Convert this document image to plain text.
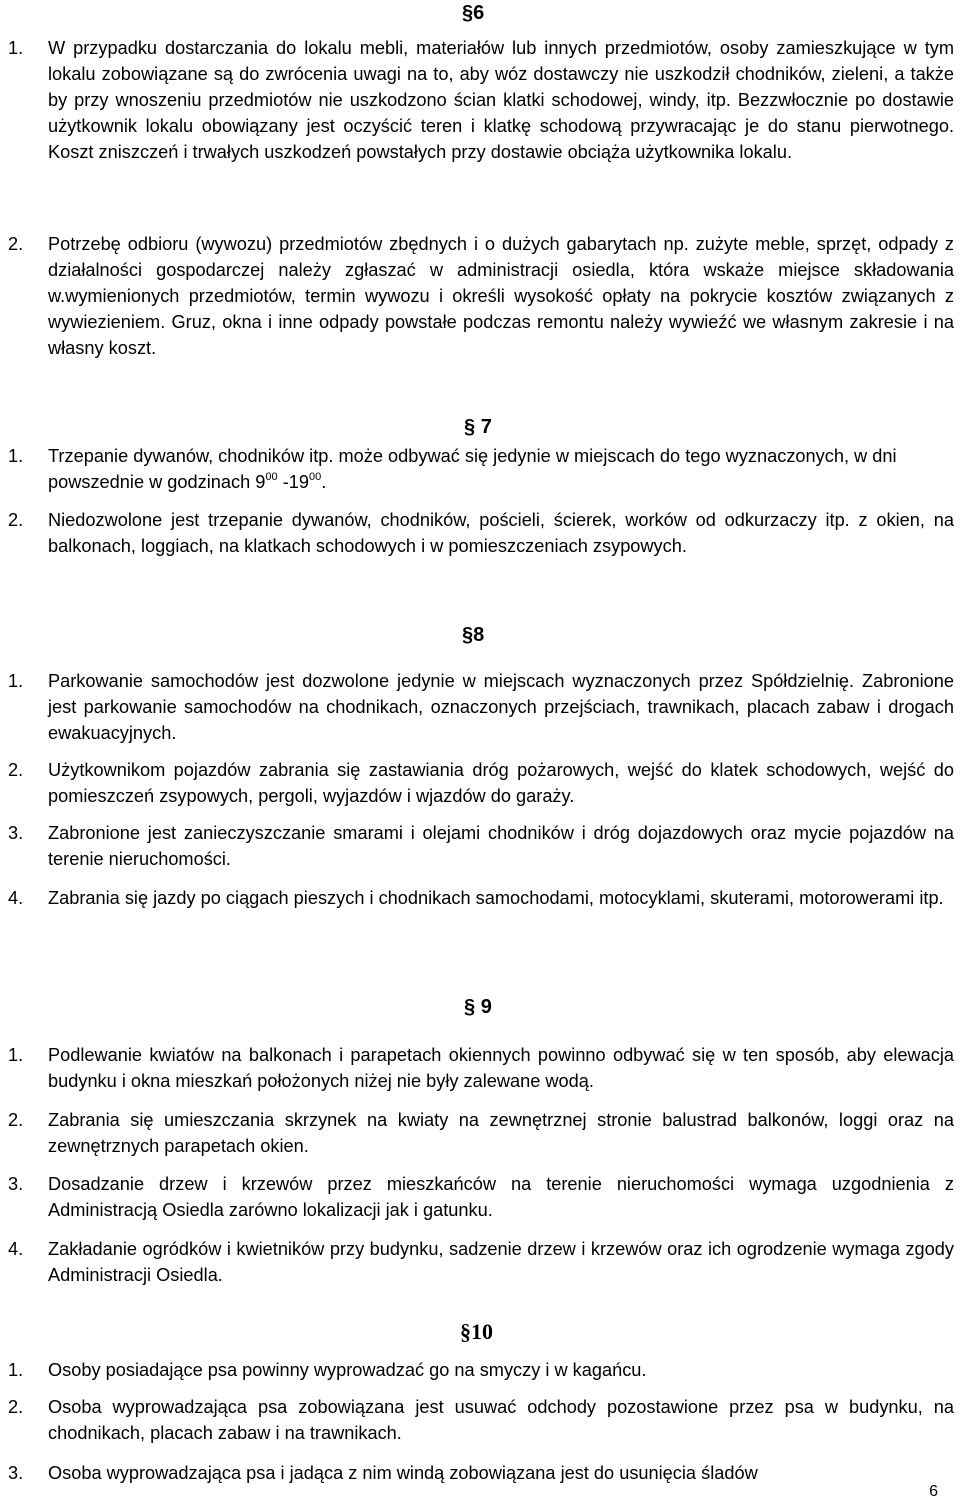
§6
1. W przypadku dostarczania do lokalu mebli, materiałów lub innych przedmiotów, osoby zamieszkujące w tym lokalu zobowiązane są do zwrócenia uwagi na to, aby wóz dostawczy nie uszkodził chodników, zieleni, a także by przy wnoszeniu przedmiotów nie uszkodzono ścian klatki schodowej, windy, itp. Bezzwłocznie po dostawie użytkownik lokalu obowiązany jest oczyścić teren i klatkę schodową przywracając je do stanu pierwotnego. Koszt zniszczeń i trwałych uszkodzeń powstałych przy dostawie obciąża użytkownika lokalu.
2. Potrzebę odbioru (wywozu) przedmiotów zbędnych i o dużych gabarytach np. zużyte meble, sprzęt, odpady z działalności gospodarczej należy zgłaszać w administracji osiedla, która wskaże miejsce składowania w.wymienionych przedmiotów, termin wywozu i określi wysokość opłaty na pokrycie kosztów związanych z wywiezieniem. Gruz, okna i inne odpady powstałe podczas remontu należy wywieźć we własnym zakresie i na własny koszt.
§ 7
1. Trzepanie dywanów, chodników itp. może odbywać się jedynie w miejscach do tego wyznaczonych, w dni powszednie w godzinach $9^{00}$ $-19^{00}$.
2. Niedozwolone jest trzepanie dywanów, chodników, pościeli, ścierek, worków od odkurzaczy itp. z okien, na balkonach, loggiach, na klatkach schodowych i w pomieszczeniach zsypowych.
§8
1. Parkowanie samochodów jest dozwolone jedynie w miejscach wyznaczonych przez Spółdzielnię. Zabronione jest parkowanie samochodów na chodnikach, oznaczonych przejściach, trawnikach, placach zabaw i drogach ewakuacyjnych.
2. Użytkownikom pojazdów zabrania się zastawiania dróg pożarowych, wejść do klatek schodowych, wejść do pomieszczeń zsypowych, pergoli, wyjazdów i wjazdów do garaży.
3. Zabronione jest zanieczyszczanie smarami i olejami chodników i dróg dojazdowych oraz mycie pojazdów na terenie nieruchomości.
4. Zabrania się jazdy po ciągach pieszych i chodnikach samochodami, motocyklami, skuterami, motorowerami itp.
§ 9
1. Podlewanie kwiatów na balkonach i parapetach okiennych powinno odbywać się w ten sposób, aby elewacja budynku i okna mieszkań położonych niżej nie były zalewane wodą.
2. Zabrania się umieszczania skrzynek na kwiaty na zewnętrznej stronie balustrad balkonów, loggi oraz na zewnętrznych parapetach okien.
3. Dosadzanie drzew i krzewów przez mieszkańców na terenie nieruchomości wymaga uzgodnienia z Administracją Osiedla zarówno lokalizacji jak i gatunku.
4. Zakładanie ogródków i kwietników przy budynku, sadzenie drzew i krzewów oraz ich ogrodzenie wymaga zgody Administracji Osiedla.
§10
1. Osoby posiadające psa powinny wyprowadzać go na smyczy i w kagańcu.
2. Osoba wyprowadzająca psa zobowiązana jest usuwać odchody pozostawione przez psa w budynku, na chodnikach, placach zabaw i na trawnikach.
3. Osoba wyprowadzająca psa i jadąca z nim windą zobowiązana jest do usunięcia śladów
6
